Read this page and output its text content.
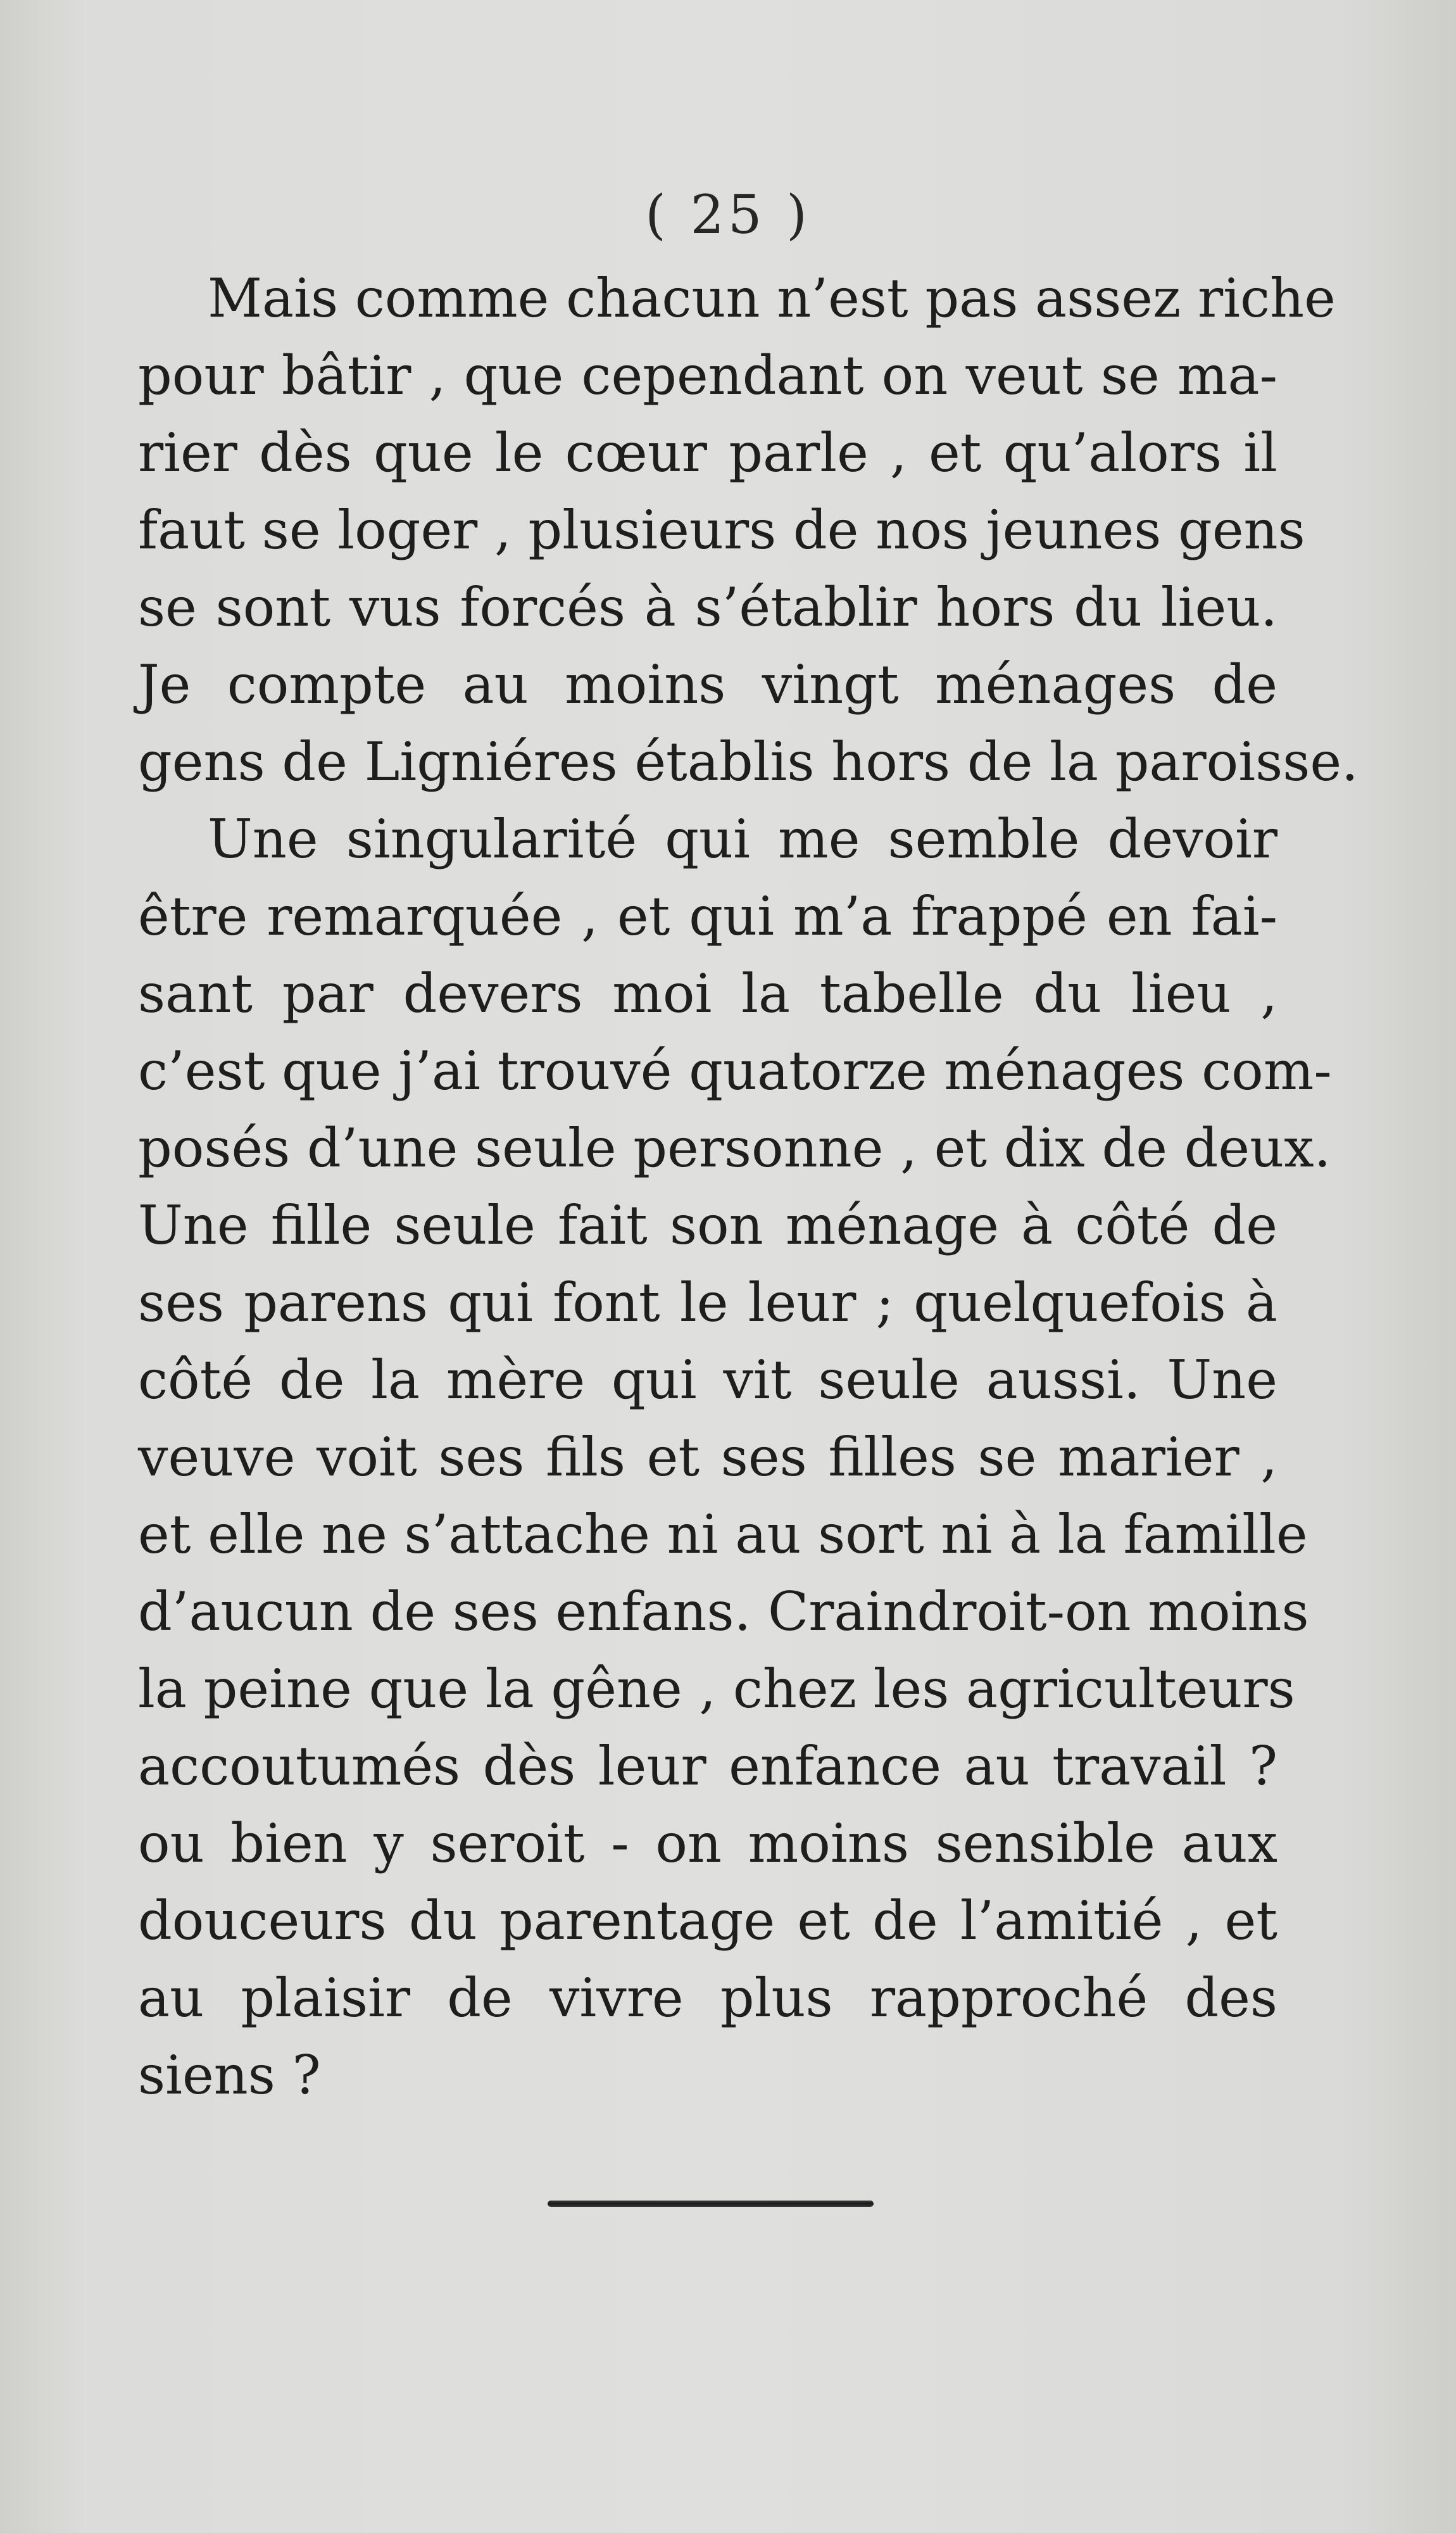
( 25 )
Mais comme chacun n’est pas assez riche
pour bâtir , que cependant on veut se ma-
rier dès que le cœur parle , et qu’alors il
faut se loger , plusieurs de nos jeunes gens
se sont vus forcés à s’établir hors du lieu.
Je compte au moins vingt ménages de
gens de Ligniéres établis hors de la paroisse.
Une singularité qui me semble devoir
être remarquée , et qui m’a frappé en fai-
sant par devers moi la tabelle du lieu ,
c’est que j’ai trouvé quatorze ménages com-
posés d’une seule personne , et dix de deux.
Une fille seule fait son ménage à côté de
ses parens qui font le leur ; quelquefois à
côté de la mère qui vit seule aussi. Une
veuve voit ses fils et ses filles se marier ,
et elle ne s’attache ni au sort ni à la famille
d’aucun de ses enfans. Craindroit-on moins
la peine que la gêne , chez les agriculteurs
accoutumés dès leur enfance au travail ?
ou bien y seroit - on moins sensible aux
douceurs du parentage et de l’amitié , et
au plaisir de vivre plus rapproché des
siens ?
